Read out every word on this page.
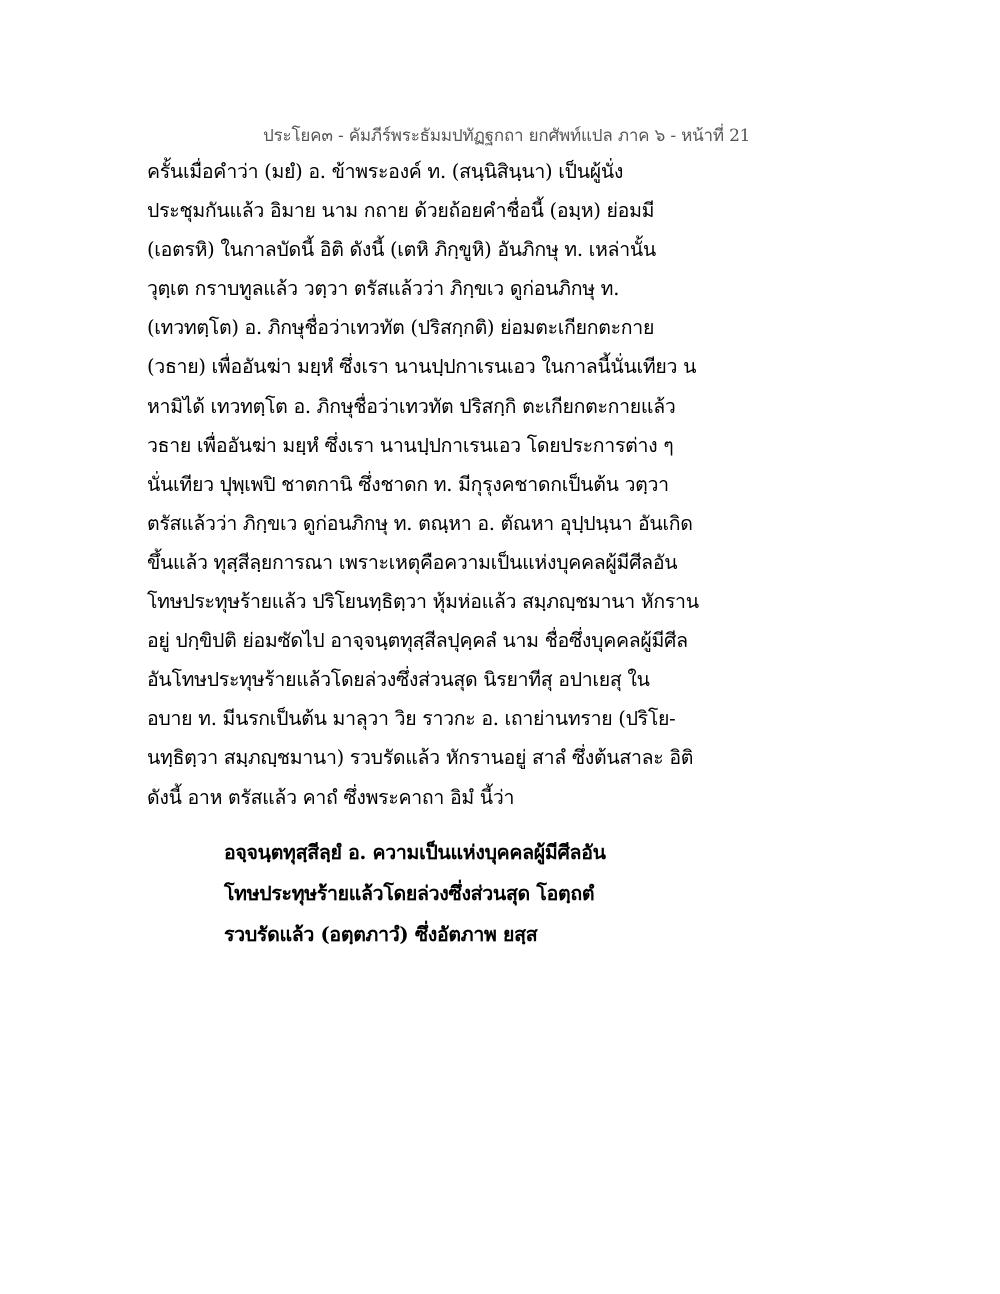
ประโยค๓ - คัมภีร์พระธัมมปทัฏฐกถา ยกศัพท์แปล ภาค ๖ - หน้าที่ 21
ครั้นเมื่อคำว่า (มยํ) อ. ข้าพระองค์ ท. (สนฺนิสินฺนา) เป็นผู้นั่ง
ประชุมกันแล้ว อิมาย นาม กถาย ด้วยถ้อยคำชื่อนี้ (อมฺห) ย่อมมี
(เอตรหิ) ในกาลบัดนี้ อิติ ดังนี้ (เตหิ ภิกฺขูหิ) อันภิกษุ ท. เหล่านั้น
วุตฺเต กราบทูลแล้ว วตฺวา ตรัสแล้วว่า ภิกฺขเว ดูก่อนภิกษุ ท.
(เทวทตฺโต) อ. ภิกษุชื่อว่าเทวทัต (ปริสกฺกติ) ย่อมตะเกียกตะกาย
(วธาย) เพื่ออันฆ่า มยฺหํ ซึ่งเรา นานปฺปกาเรนเอว ในกาลนี้นั่นเทียว น
หามิได้ เทวทตฺโต อ. ภิกษุชื่อว่าเทวทัต ปริสกฺกิ ตะเกียกตะกายแล้ว
วธาย เพื่ออันฆ่า มยฺหํ ซึ่งเรา นานปฺปกาเรนเอว โดยประการต่าง ๆ
นั่นเทียว ปุพฺเพปิ ชาตกานิ ซึ่งชาดก ท. มีกุรุงคชาดกเป็นต้น วตฺวา
ตรัสแล้วว่า ภิกฺขเว ดูก่อนภิกษุ ท. ตณฺหา อ. ตัณหา อุปฺปนฺนา อันเกิด
ขึ้นแล้ว ทุสฺสีลฺยการณา เพราะเหตุคือความเป็นแห่งบุคคลผู้มีศีลอัน
โทษประทุษร้ายแล้ว ปริโยนทฺธิตฺวา หุ้มห่อแล้ว สมฺภญฺชมานา หักราน
อยู่ ปกฺขิปติ ย่อมซัดไป อาจฺจนฺตทุสฺสีลปุคฺคลํ นาม ชื่อซึ่งบุคคลผู้มีศีล
อันโทษประทุษร้ายแล้วโดยล่วงซึ่งส่วนสุด นิรยาทีสุ อปาเยสุ ใน
อบาย ท. มีนรกเป็นต้น มาลุวา วิย ราวกะ อ. เถาย่านทราย (ปริโย-
นทฺธิตฺวา สมฺภญฺชมานา) รวบรัดแล้ว หักรานอยู่ สาลํ ซึ่งต้นสาละ อิติ
ดังนี้ อาห ตรัสแล้ว คาถํ ซึ่งพระคาถา อิมํ นี้ว่า
อจฺจนฺตทุสฺสีลฺยํ อ. ความเป็นแห่งบุคคลผู้มีศีลอัน
โทษประทุษร้ายแล้วโดยล่วงซึ่งส่วนสุด โอตฺถตํ
รวบรัดแล้ว (อตฺตภาวํ) ซึ่งอัตภาพ ยสฺส
